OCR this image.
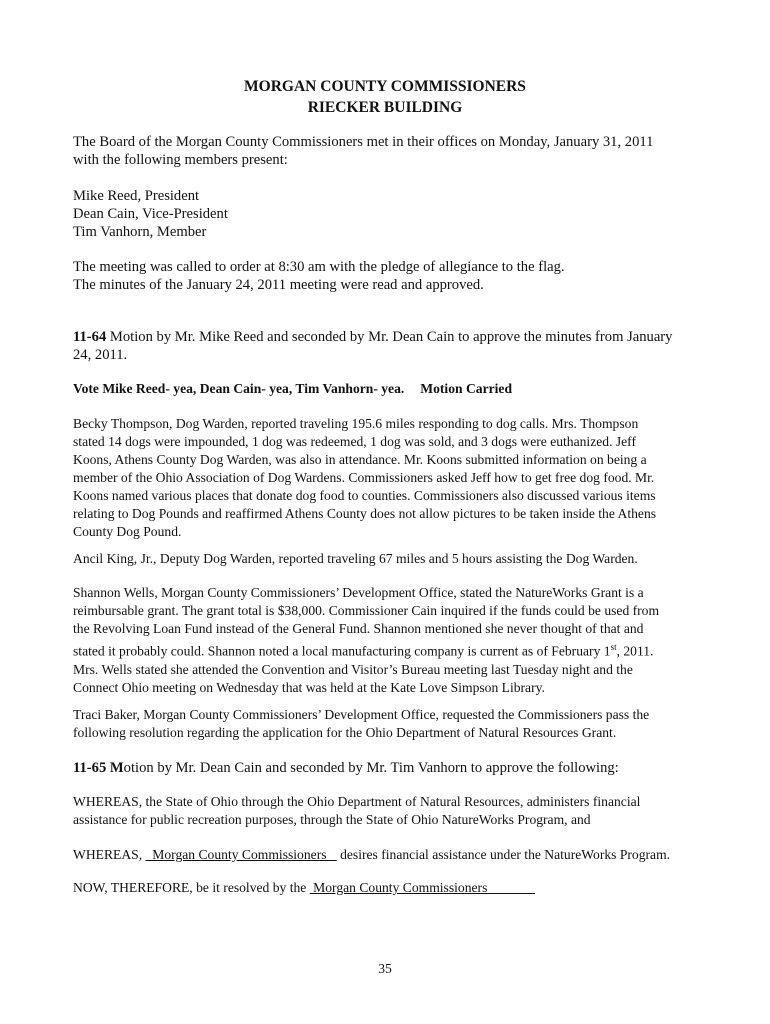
MORGAN COUNTY COMMISSIONERS
RIECKER BUILDING
The Board of the Morgan County Commissioners met in their offices on Monday, January 31, 2011
with the following members present:
Mike Reed, President
Dean Cain, Vice-President
Tim Vanhorn, Member
The meeting was called to order at 8:30 am with the pledge of allegiance to the flag.
The minutes of the January 24, 2011 meeting were read and approved.
11-64 Motion by Mr. Mike Reed and seconded by Mr. Dean Cain to approve the minutes from January
24, 2011.
Vote Mike Reed- yea, Dean Cain- yea, Tim Vanhorn- yea. Motion Carried
Becky Thompson, Dog Warden, reported traveling 195.6 miles responding to dog calls. Mrs. Thompson
stated 14 dogs were impounded, 1 dog was redeemed, 1 dog was sold, and 3 dogs were euthanized. Jeff
Koons, Athens County Dog Warden, was also in attendance. Mr. Koons submitted information on being a
member of the Ohio Association of Dog Wardens. Commissioners asked Jeff how to get free dog food. Mr.
Koons named various places that donate dog food to counties. Commissioners also discussed various items
relating to Dog Pounds and reaffirmed Athens County does not allow pictures to be taken inside the Athens
County Dog Pound.
Ancil King, Jr., Deputy Dog Warden, reported traveling 67 miles and 5 hours assisting the Dog Warden.
Shannon Wells, Morgan County Commissioners’ Development Office, stated the NatureWorks Grant is a
reimbursable grant. The grant total is $38,000. Commissioner Cain inquired if the funds could be used from
the Revolving Loan Fund instead of the General Fund. Shannon mentioned she never thought of that and
stated it probably could. Shannon noted a local manufacturing company is current as of February 1st, 2011.
Mrs. Wells stated she attended the Convention and Visitor’s Bureau meeting last Tuesday night and the
Connect Ohio meeting on Wednesday that was held at the Kate Love Simpson Library.
Traci Baker, Morgan County Commissioners’ Development Office, requested the Commissioners pass the
following resolution regarding the application for the Ohio Department of Natural Resources Grant.
11-65 Motion by Mr. Dean Cain and seconded by Mr. Tim Vanhorn to approve the following:
WHEREAS, the State of Ohio through the Ohio Department of Natural Resources, administers financial
assistance for public recreation purposes, through the State of Ohio NatureWorks Program, and
WHEREAS,   Morgan County Commissioners    desires financial assistance under the NatureWorks Program.
NOW, THEREFORE, be it resolved by the  Morgan County Commissioners
35
